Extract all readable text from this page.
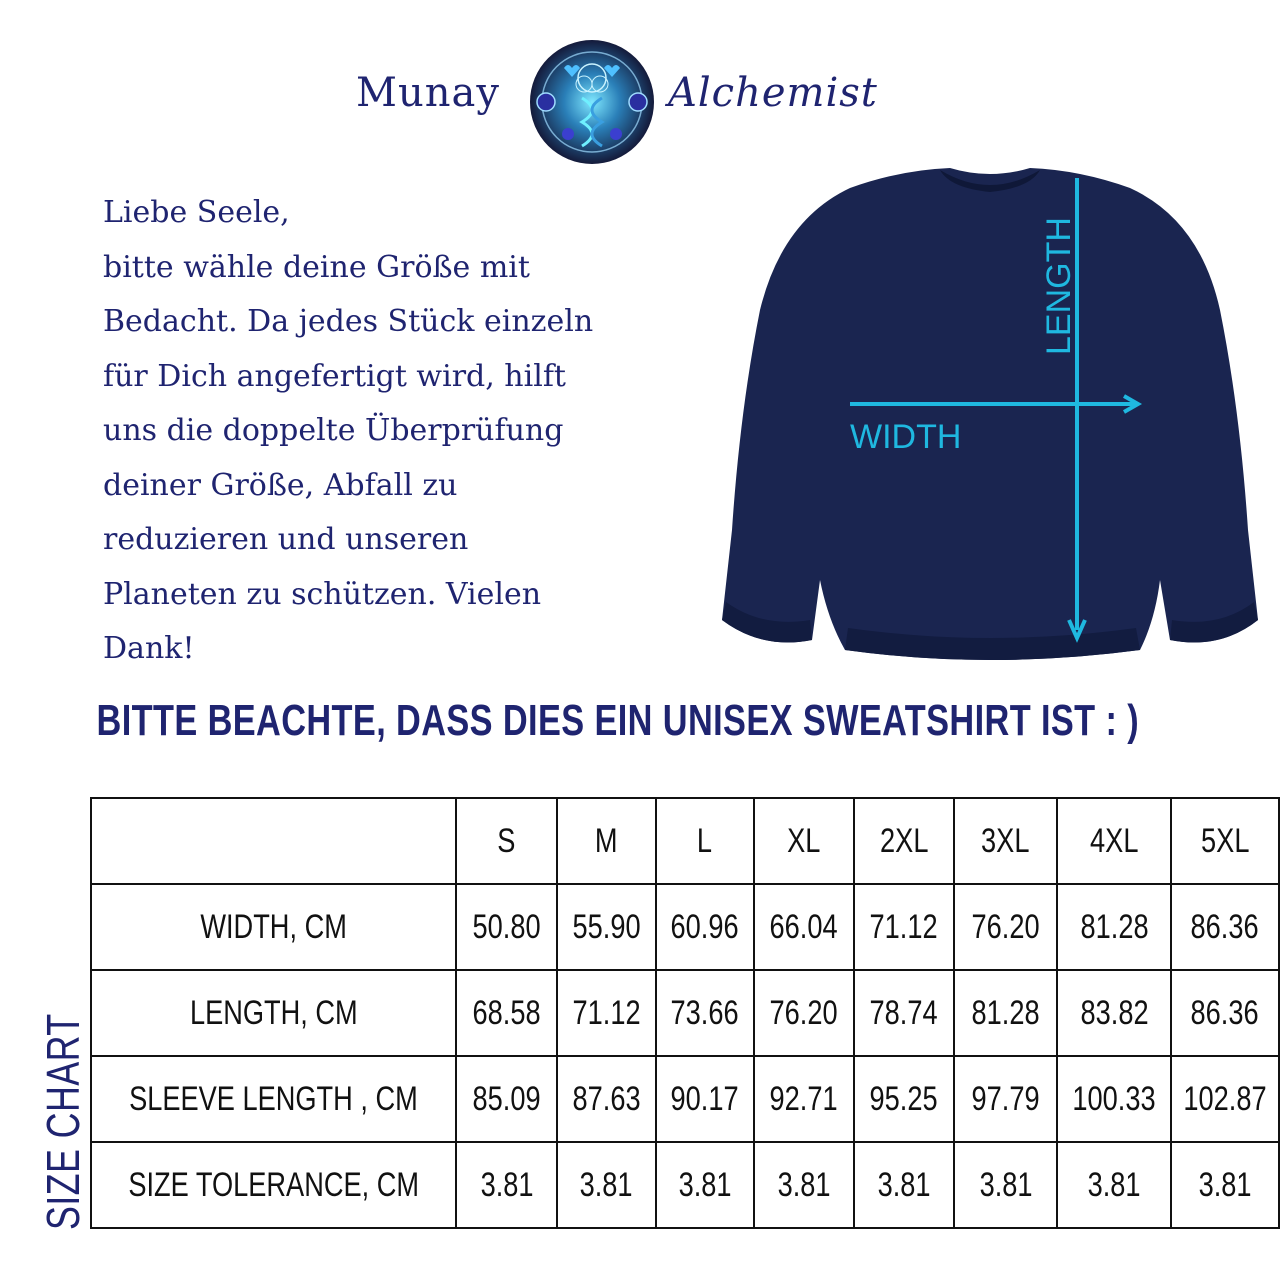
Munay	Alchemist
Liebe Seele,
bitte wähle deine Größe mit
Bedacht. Da jedes Stück einzeln
für Dich angefertigt wird, hilft
uns die doppelte Überprüfung
deiner Größe, Abfall zu
reduzieren und unseren
Planeten zu schützen. Vielen
Dank!
LENGTH
WIDTH
BITTE BEACHTE, DASS DIES EIN UNISEX SWEATSHIRT IST : )
SIZE CHART
	S	M	L	XL	2XL	3XL	4XL	5XL
WIDTH, CM	50.80	55.90	60.96	66.04	71.12	76.20	81.28	86.36
LENGTH, CM	68.58	71.12	73.66	76.20	78.74	81.28	83.82	86.36
SLEEVE LENGTH , CM	85.09	87.63	90.17	92.71	95.25	97.79	100.33	102.87
SIZE TOLERANCE, CM	3.81	3.81	3.81	3.81	3.81	3.81	3.81	3.81
